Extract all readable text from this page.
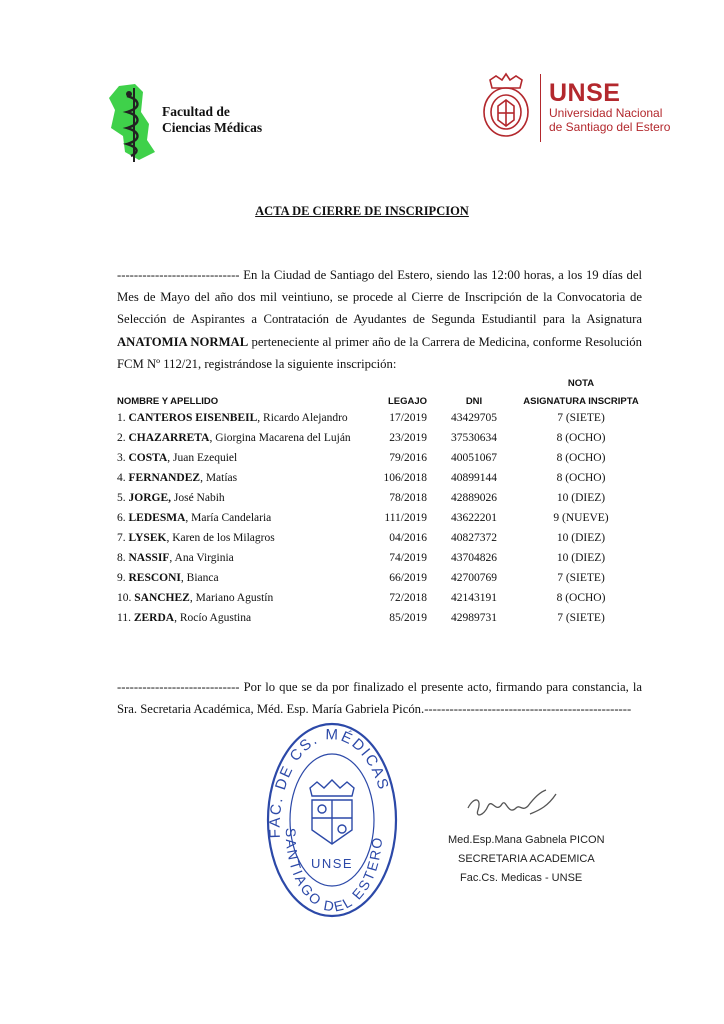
Facultad de
Ciencias Médicas
UNSE
Universidad Nacional
de Santiago del Estero
ACTA DE CIERRE DE INSCRIPCION
----------------------------- En la Ciudad de Santiago del Estero, siendo las 12:00 horas, a los 19 días del Mes de Mayo del año dos mil veintiuno, se procede al Cierre de Inscripción de la Convocatoria de Selección de Aspirantes a Contratación de Ayudantes de Segunda Estudiantil para la Asignatura ANATOMIA NORMAL perteneciente al primer año de la Carrera de Medicina, conforme Resolución FCM Nº 112/21, registrándose la siguiente inscripción:
NOTA
NOMBRE Y APELLIDO	LEGAJO	DNI	ASIGNATURA INSCRIPTA
1. CANTEROS EISENBEIL, Ricardo Alejandro	17/2019	43429705	7 (SIETE)
2. CHAZARRETA, Giorgina Macarena del Luján	23/2019	37530634	8 (OCHO)
3. COSTA, Juan Ezequiel	79/2016	40051067	8 (OCHO)
4. FERNANDEZ, Matías	106/2018	40899144	8 (OCHO)
5. JORGE, José Nabih	78/2018	42889026	10 (DIEZ)
6. LEDESMA, María Candelaria	111/2019	43622201	9 (NUEVE)
7. LYSEK, Karen de los Milagros	04/2016	40827372	10 (DIEZ)
8. NASSIF, Ana Virginia	74/2019	43704826	10 (DIEZ)
9. RESCONI, Bianca	66/2019	42700769	7 (SIETE)
10. SANCHEZ, Mariano Agustín	72/2018	42143191	8 (OCHO)
11. ZERDA, Rocío Agustina	85/2019	42989731	7 (SIETE)
----------------------------- Por lo que se da por finalizado el presente acto, firmando para constancia, la Sra. Secretaria Académica, Méd. Esp. María Gabriela Picón.-------------------------------------------------
FAC. DE CS. MÉDICAS
SANTIAGO DEL ESTERO
UNSE
Med.Esp.Mana Gabnela PICON
SECRETARIA ACADEMICA
Fac.Cs. Medicas - UNSE
